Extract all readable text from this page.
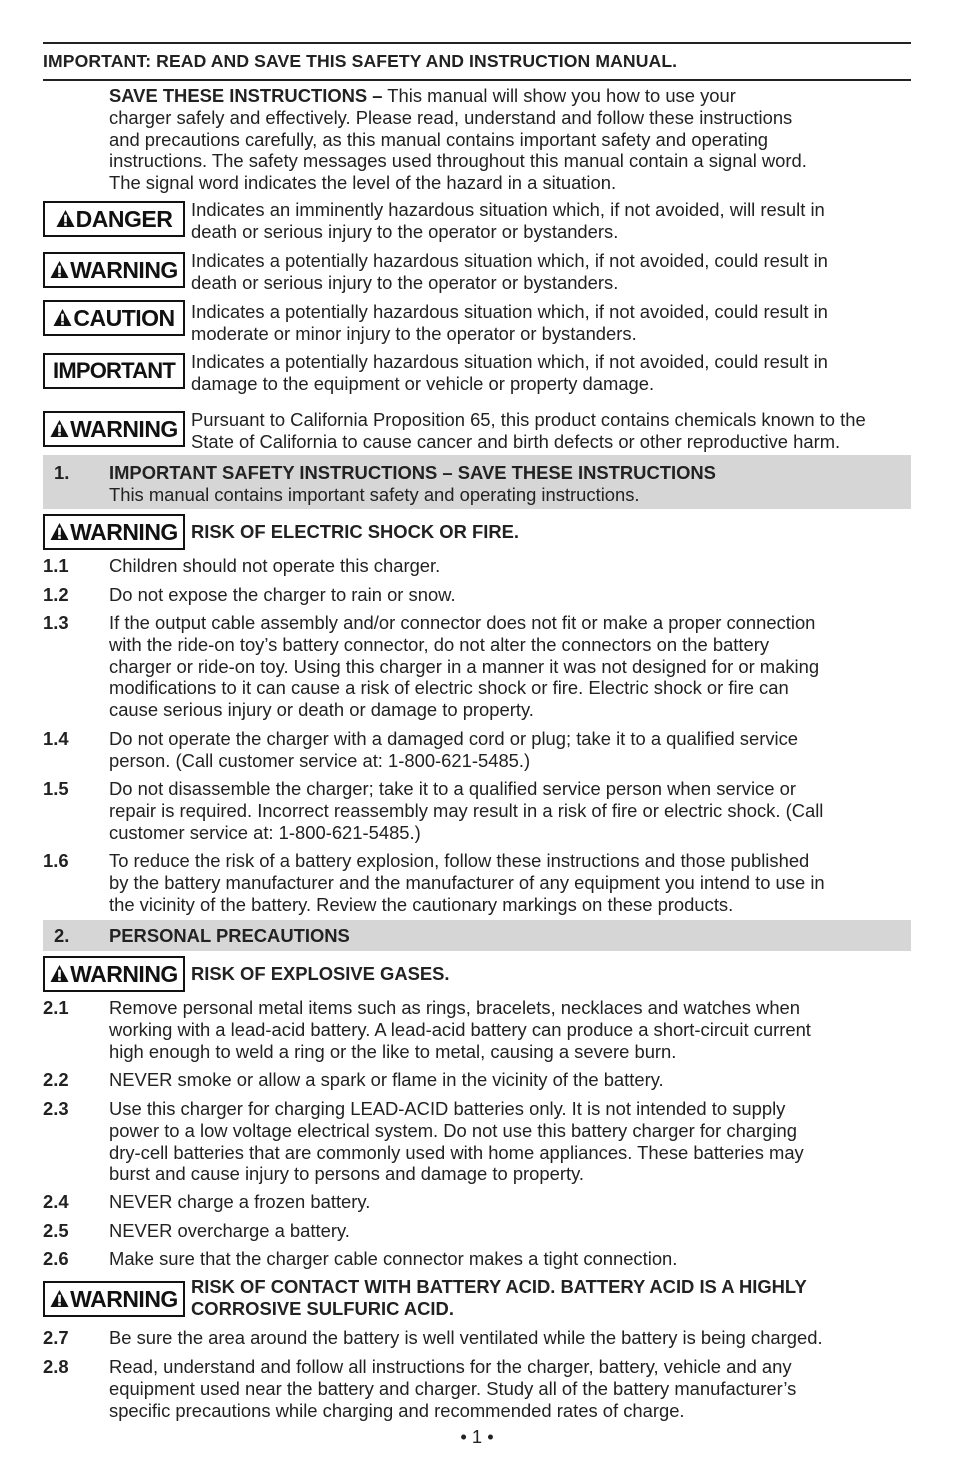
IMPORTANT: READ AND SAVE THIS SAFETY AND INSTRUCTION MANUAL.
SAVE THESE INSTRUCTIONS – This manual will show you how to use your
charger safely and effectively. Please read, understand and follow these instructions
and precautions carefully, as this manual contains important safety and operating
instructions. The safety messages used throughout this manual contain a signal word.
The signal word indicates the level of the hazard in a situation.
DANGER Indicates an imminently hazardous situation which, if not avoided, will result in
death or serious injury to the operator or bystanders.
WARNING Indicates a potentially hazardous situation which, if not avoided, could result in
death or serious injury to the operator or bystanders.
CAUTION Indicates a potentially hazardous situation which, if not avoided, could result in
moderate or minor injury to the operator or bystanders.
IMPORTANT Indicates a potentially hazardous situation which, if not avoided, could result in
damage to the equipment or vehicle or property damage.
WARNING Pursuant to California Proposition 65, this product contains chemicals known to the
State of California to cause cancer and birth defects or other reproductive harm.
1. IMPORTANT SAFETY INSTRUCTIONS – SAVE THESE INSTRUCTIONS
This manual contains important safety and operating instructions.
WARNING RISK OF ELECTRIC SHOCK OR FIRE.
1.1 Children should not operate this charger.
1.2 Do not expose the charger to rain or snow.
1.3 If the output cable assembly and/or connector does not fit or make a proper connection
with the ride-on toy’s battery connector, do not alter the connectors on the battery
charger or ride-on toy. Using this charger in a manner it was not designed for or making
modifications to it can cause a risk of electric shock or fire. Electric shock or fire can
cause serious injury or death or damage to property.
1.4 Do not operate the charger with a damaged cord or plug; take it to a qualified service
person. (Call customer service at: 1-800-621-5485.)
1.5 Do not disassemble the charger; take it to a qualified service person when service or
repair is required. Incorrect reassembly may result in a risk of fire or electric shock. (Call
customer service at: 1-800-621-5485.)
1.6 To reduce the risk of a battery explosion, follow these instructions and those published
by the battery manufacturer and the manufacturer of any equipment you intend to use in
the vicinity of the battery. Review the cautionary markings on these products.
2. PERSONAL PRECAUTIONS
WARNING RISK OF EXPLOSIVE GASES.
2.1 Remove personal metal items such as rings, bracelets, necklaces and watches when
working with a lead-acid battery. A lead-acid battery can produce a short-circuit current
high enough to weld a ring or the like to metal, causing a severe burn.
2.2 NEVER smoke or allow a spark or flame in the vicinity of the battery.
2.3 Use this charger for charging LEAD-ACID batteries only. It is not intended to supply
power to a low voltage electrical system. Do not use this battery charger for charging
dry-cell batteries that are commonly used with home appliances. These batteries may
burst and cause injury to persons and damage to property.
2.4 NEVER charge a frozen battery.
2.5 NEVER overcharge a battery.
2.6 Make sure that the charger cable connector makes a tight connection.
WARNING RISK OF CONTACT WITH BATTERY ACID. BATTERY ACID IS A HIGHLY
CORROSIVE SULFURIC ACID.
2.7 Be sure the area around the battery is well ventilated while the battery is being charged.
2.8 Read, understand and follow all instructions for the charger, battery, vehicle and any
equipment used near the battery and charger. Study all of the battery manufacturer’s
specific precautions while charging and recommended rates of charge.
• 1 •
